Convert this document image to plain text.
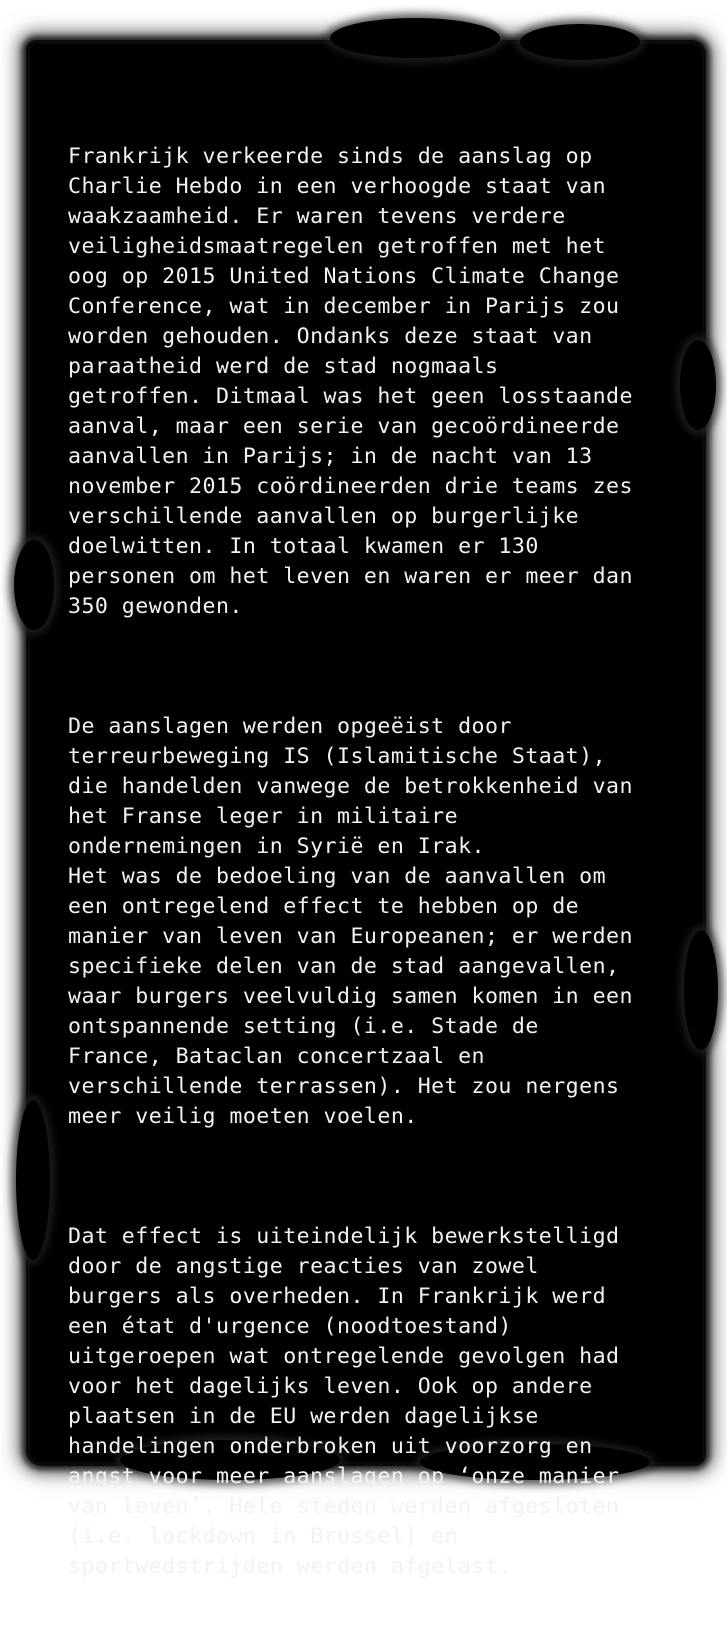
Frankrijk verkeerde sinds de aanslag op
Charlie Hebdo in een verhoogde staat van
waakzaamheid. Er waren tevens verdere
veiligheidsmaatregelen getroffen met het
oog op 2015 United Nations Climate Change
Conference, wat in december in Parijs zou
worden gehouden. Ondanks deze staat van
paraatheid werd de stad nogmaals
getroffen. Ditmaal was het geen losstaande
aanval, maar een serie van gecoördineerde
aanvallen in Parijs; in de nacht van 13
november 2015 coördineerden drie teams zes
verschillende aanvallen op burgerlijke
doelwitten. In totaal kwamen er 130
personen om het leven en waren er meer dan
350 gewonden.

De aanslagen werden opgeëist door
terreurbeweging IS (Islamitische Staat),
die handelden vanwege de betrokkenheid van
het Franse leger in militaire
ondernemingen in Syrië en Irak.
Het was de bedoeling van de aanvallen om
een ontregelend effect te hebben op de
manier van leven van Europeanen; er werden
specifieke delen van de stad aangevallen,
waar burgers veelvuldig samen komen in een
ontspannende setting (i.e. Stade de
France, Bataclan concertzaal en
verschillende terrassen). Het zou nergens
meer veilig moeten voelen.

Dat effect is uiteindelijk bewerkstelligd
door de angstige reacties van zowel
burgers als overheden. In Frankrijk werd
een état d'urgence (noodtoestand)
uitgeroepen wat ontregelende gevolgen had
voor het dagelijks leven. Ook op andere
plaatsen in de EU werden dagelijkse
handelingen onderbroken uit voorzorg en
angst voor meer aanslagen op ‘onze manier
van leven’. Hele steden werden afgesloten
(i.e. lockdown in Brussel) en
sportwedstrijden werden afgelast.
